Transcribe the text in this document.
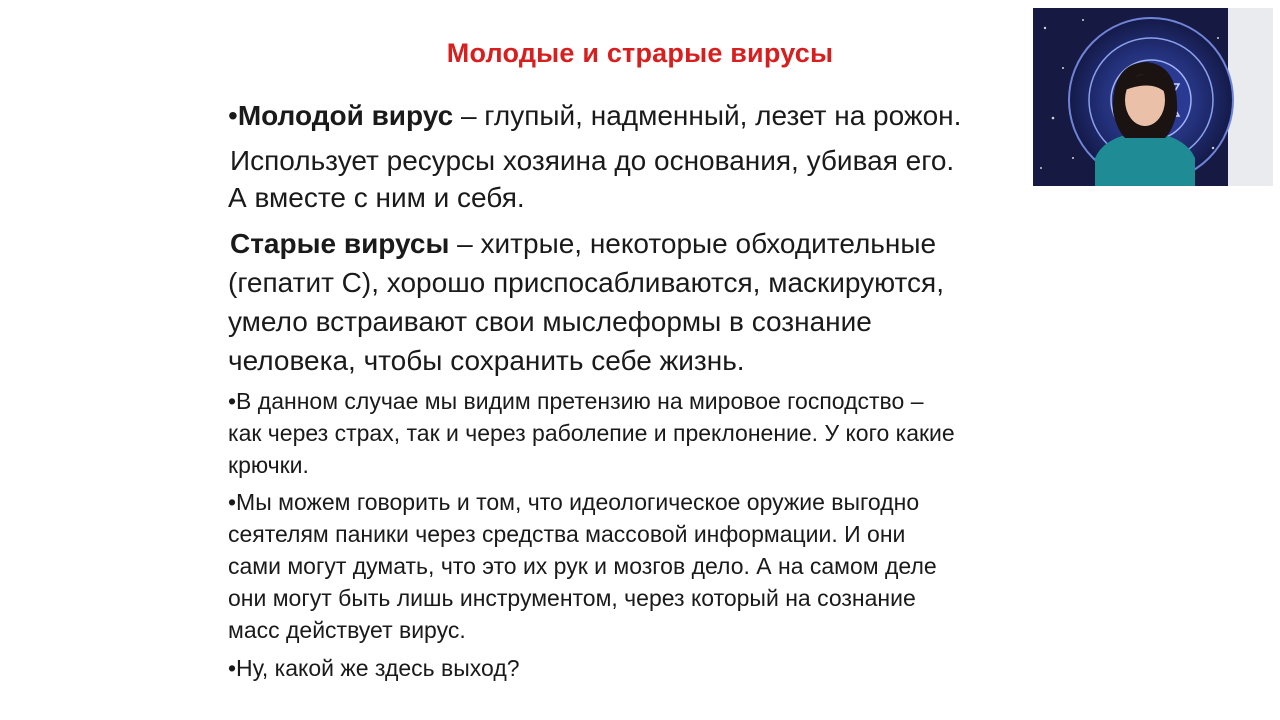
Молодые и страрые вирусы
•Молодой вирус – глупый, надменный, лезет на рожон.
Использует ресурсы хозяина до основания, убивая его.
А вместе с ним и себя.
Старые вирусы – хитрые, некоторые обходительные
(гепатит С), хорошо приспосабливаются, маскируются,
умело встраивают свои мыслеформы в сознание
человека, чтобы сохранить себе жизнь.
•В данном случае мы видим претензию на мировое господство –
как через страх, так и через раболепие и преклонение. У кого какие
крючки.
•Мы можем говорить и том, что идеологическое оружие выгодно
сеятелям паники через средства массовой информации. И они
сами могут думать, что это их рук и мозгов дело. А на самом деле
они могут быть лишь инструментом, через который на сознание
масс действует вирус.
•Ну, какой же здесь выход?
